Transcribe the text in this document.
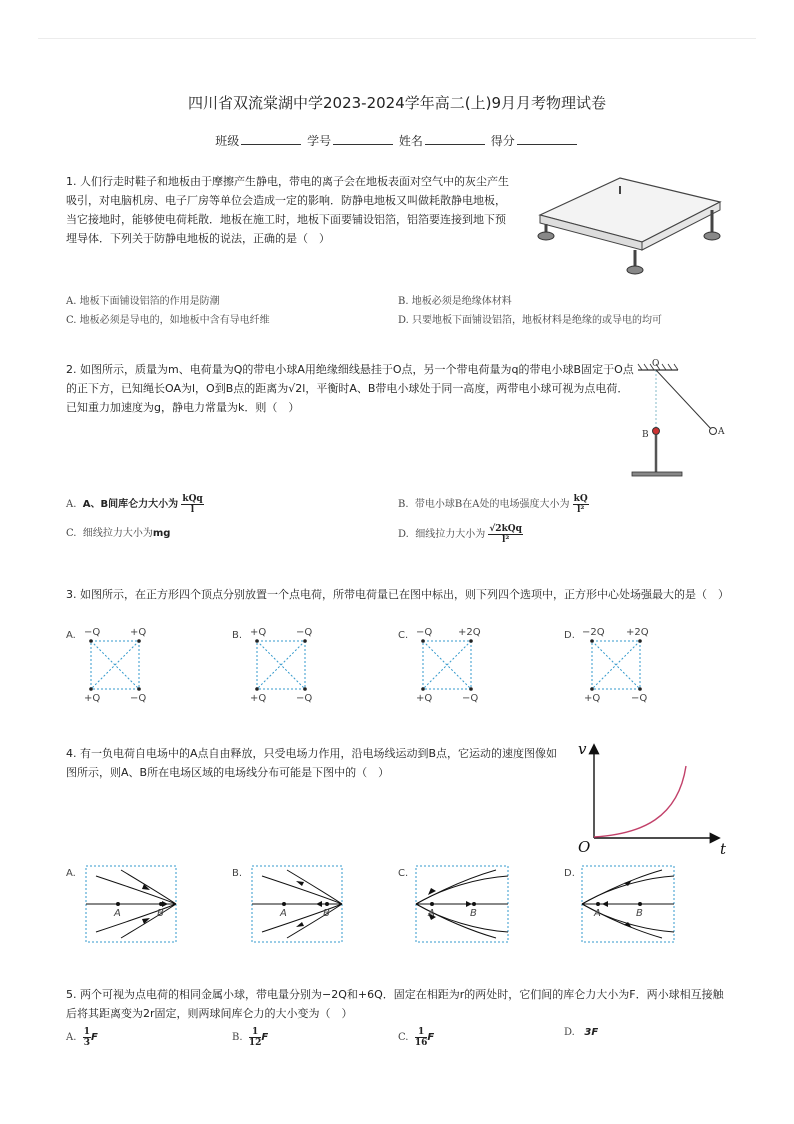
四川省双流棠湖中学2023-2024学年高二(上)9月月考物理试卷
班级	学号	姓名	得分
1. 人们行走时鞋子和地板由于摩擦产生静电，带电的离子会在地板表面对空气中的灰尘产生吸引，对电脑机房、电子厂房等单位会造成一定的影响．防静电地板又叫做耗散静电地板，当它接地时，能够使电荷耗散．地板在施工时，地板下面要铺设铝箔，铝箔要连接到地下预埋导体．下列关于防静电地板的说法，正确的是（　）
A. 地板下面铺设铝箔的作用是防潮	B. 地板必须是绝缘体材料
C. 地板必须是导电的，如地板中含有导电纤维	D. 只要地板下面铺设铝箔，地板材料是绝缘的或导电的均可
2. 如图所示，质量为m、电荷量为Q的带电小球A用绝缘细线悬挂于O点，另一个带电荷量为q的带电小球B固定于O点的正下方，已知绳长OA为l，O到B点的距离为√2l，平衡时A、B带电小球处于同一高度，两带电小球可视为点电荷．已知重力加速度为g，静电力常量为k．则（　）
O
A
B
A.  A、B间库仑力大小为 $\frac{\text{kQq}}{l}$	B.  带电小球B在A处的电场强度大小为 $\frac{kQ}{\text{l²}}$
C.  细线拉力大小为mg	D.  细线拉力大小为 $\frac{\text{√2kQq}}{\text{l²}}$
3. 如图所示，在正方形四个顶点分别放置一个点电荷，所带电荷量已在图中标出，则下列四个选项中，正方形中心处场强最大的是（　）
A. −Q	+Q
+Q	−Q
B. +Q	−Q
+Q	−Q
C. −Q	+2Q
+Q	−Q
D. −2Q +2Q
+Q	−Q
4. 有一负电荷自电场中的A点自由释放，只受电场力作用，沿电场线运动到B点，它运动的速度图像如图所示，则A、B所在电场区域的电场线分布可能是下图中的（　）
v
O	t
A.
A	B
B.
A	B
C.
A	B
D.
A	B
5. 两个可视为点电荷的相同金属小球，带电量分别为−2Q和+6Q．固定在相距为r的两处时，它们间的库仑力大小为F．两小球相互接触后将其距离变为2r固定，则两球间库仑力的大小变为（　）
A. $\frac{1}{3}$ F	B. $\frac{1}{12}$ F	C. $\frac{1}{16}$ F	D. 3F
